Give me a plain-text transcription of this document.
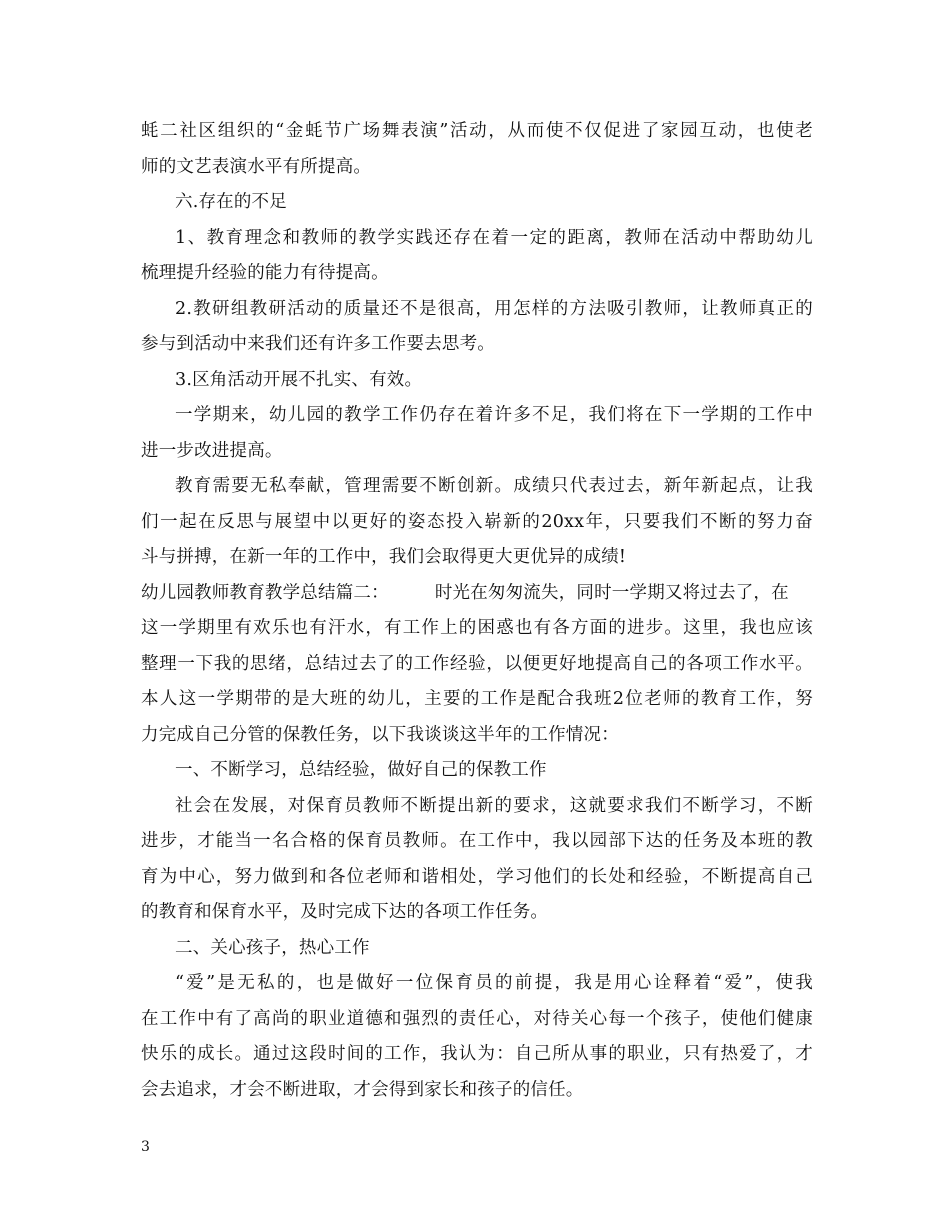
蚝二社区组织的“金蚝节广场舞表演”活动，从而使不仅促进了家园互动，也使老
师的文艺表演水平有所提高。
六.存在的不足
1、教育理念和教师的教学实践还存在着一定的距离，教师在活动中帮助幼儿
梳理提升经验的能力有待提高。
2.教研组教研活动的质量还不是很高，用怎样的方法吸引教师，让教师真正的
参与到活动中来我们还有许多工作要去思考。
3.区角活动开展不扎实、有效。
一学期来，幼儿园的教学工作仍存在着许多不足，我们将在下一学期的工作中
进一步改进提高。
教育需要无私奉献，管理需要不断创新。成绩只代表过去，新年新起点，让我
们一起在反思与展望中以更好的姿态投入崭新的20xx年，只要我们不断的努力奋
斗与拼搏，在新一年的工作中，我们会取得更大更优异的成绩!
幼儿园教师教育教学总结篇二：	时光在匆匆流失，同时一学期又将过去了，在
这一学期里有欢乐也有汗水，有工作上的困惑也有各方面的进步。这里，我也应该
整理一下我的思绪，总结过去了的工作经验，以便更好地提高自己的各项工作水平。
本人这一学期带的是大班的幼儿，主要的工作是配合我班2位老师的教育工作，努
力完成自己分管的保教任务，以下我谈谈这半年的工作情况：
一、不断学习，总结经验，做好自己的保教工作
社会在发展，对保育员教师不断提出新的要求，这就要求我们不断学习，不断
进步，才能当一名合格的保育员教师。在工作中，我以园部下达的任务及本班的教
育为中心，努力做到和各位老师和谐相处，学习他们的长处和经验，不断提高自己
的教育和保育水平，及时完成下达的各项工作任务。
二、关心孩子，热心工作
“爱”是无私的，也是做好一位保育员的前提，我是用心诠释着“爱”，使我
在工作中有了高尚的职业道德和强烈的责任心，对待关心每一个孩子，使他们健康
快乐的成长。通过这段时间的工作，我认为：自己所从事的职业，只有热爱了，才
会去追求，才会不断进取，才会得到家长和孩子的信任。
3
